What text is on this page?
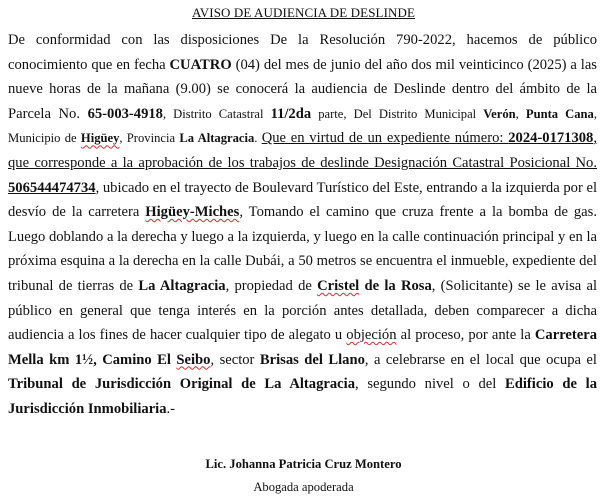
AVISO DE AUDIENCIA DE DESLINDE
De conformidad con las disposiciones De la Resolución 790-2022, hacemos de público conocimiento que en fecha CUATRO (04) del mes de junio del año dos mil veinticinco (2025) a las nueve horas de la mañana (9.00) se conocerá la audiencia de Deslinde dentro del ámbito de la Parcela No. 65-003-4918, Distrito Catastral 11/2da parte, Del Distrito Municipal Verón, Punta Cana, Municipio de Higüey, Provincia La Altagracia. Que en virtud de un expediente número: 2024-0171308, que corresponde a la aprobación de los trabajos de deslinde Designación Catastral Posicional No. 506544474734, ubicado en el trayecto de Boulevard Turístico del Este, entrando a la izquierda por el desvío de la carretera Higüey-Miches, Tomando el camino que cruza frente a la bomba de gas. Luego doblando a la derecha y luego a la izquierda, y luego en la calle continuación principal y en la próxima esquina a la derecha en la calle Dubái, a 50 metros se encuentra el inmueble, expediente del tribunal de tierras de La Altagracia, propiedad de Cristel de la Rosa, (Solicitante) se le avisa al público en general que tenga interés en la porción antes detallada, deben comparecer a dicha audiencia a los fines de hacer cualquier tipo de alegato u objeción al proceso, por ante la Carretera Mella km 1½, Camino El Seibo, sector Brisas del Llano, a celebrarse en el local que ocupa el Tribunal de Jurisdicción Original de La Altagracia, segundo nivel o del Edificio de la Jurisdicción Inmobiliaria.-
Lic. Johanna Patricia Cruz Montero
Abogada apoderada
